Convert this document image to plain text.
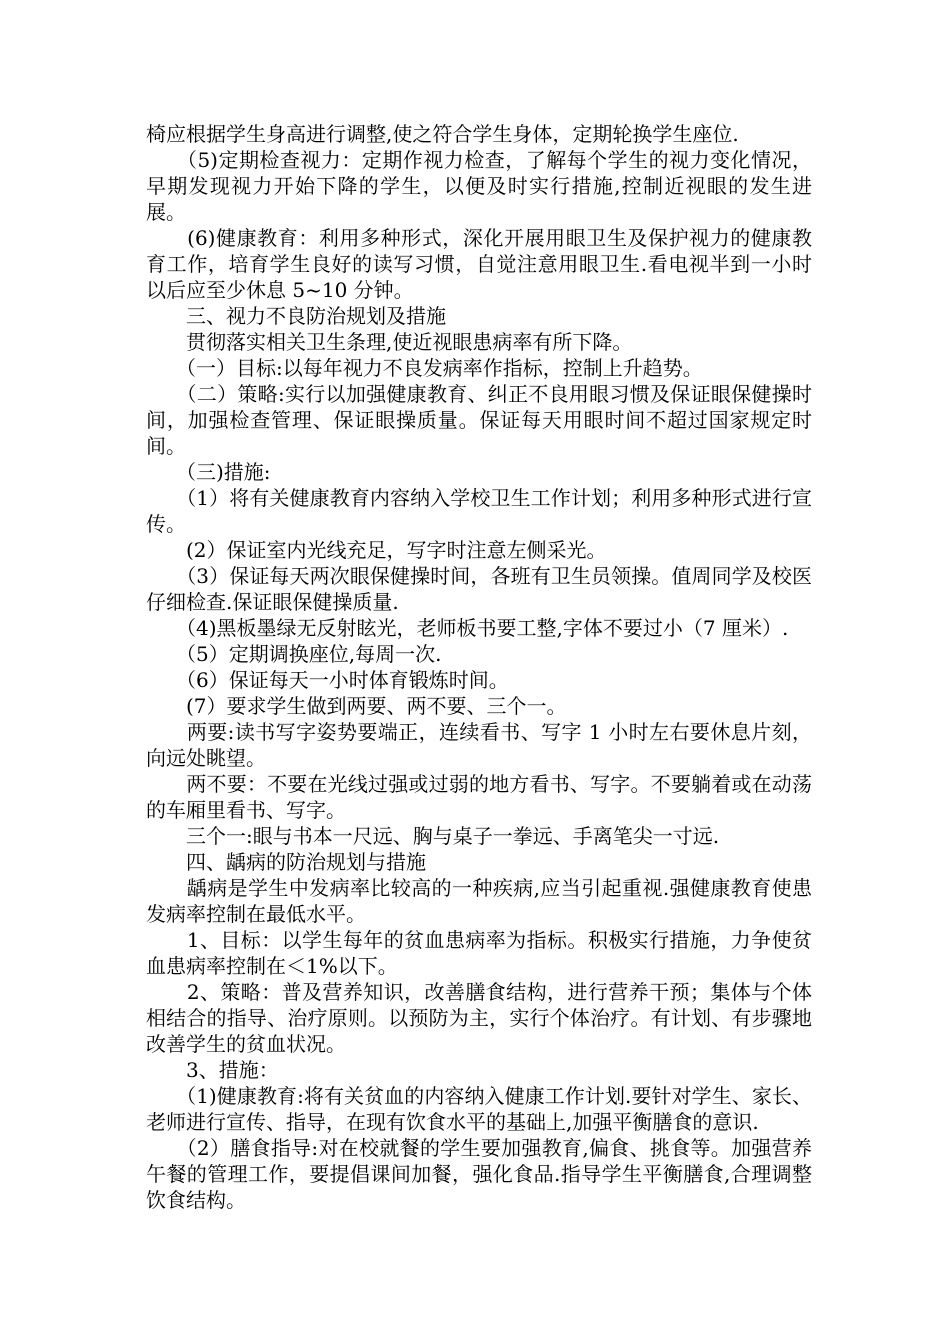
椅应根据学生身高进行调整,使之符合学生身体，定期轮换学生座位.

　　（5)定期检查视力：定期作视力检查，了解每个学生的视力变化情况，早期发现视力开始下降的学生，以便及时实行措施,控制近视眼的发生进展。

　　(6)健康教育：利用多种形式，深化开展用眼卫生及保护视力的健康教育工作，培育学生良好的读写习惯，自觉注意用眼卫生.看电视半到一小时以后应至少休息 5~10 分钟。

　　三、视力不良防治规划及措施

　　贯彻落实相关卫生条理,使近视眼患病率有所下降。

　　（一）目标:以每年视力不良发病率作指标，控制上升趋势。

　　（二）策略:实行以加强健康教育、纠正不良用眼习惯及保证眼保健操时间，加强检查管理、保证眼操质量。保证每天用眼时间不超过国家规定时间。

　　（三)措施:

　　（1）将有关健康教育内容纳入学校卫生工作计划；利用多种形式进行宣传。

　　(2）保证室内光线充足，写字时注意左侧采光。

　　（3）保证每天两次眼保健操时间，各班有卫生员领操。值周同学及校医仔细检查.保证眼保健操质量.

　　（4)黑板墨绿无反射眩光，老师板书要工整,字体不要过小（7 厘米）.

　　（5）定期调换座位,每周一次.

　　（6）保证每天一小时体育锻炼时间。

　　(7）要求学生做到两要、两不要、三个一。

　　两要:读书写字姿势要端正，连续看书、写字 1 小时左右要休息片刻，向远处眺望。

　　两不要：不要在光线过强或过弱的地方看书、写字。不要躺着或在动荡的车厢里看书、写字。

　　三个一:眼与书本一尺远、胸与桌子一拳远、手离笔尖一寸远.

　　四、龋病的防治规划与措施

　　龋病是学生中发病率比较高的一种疾病,应当引起重视.强健康教育使患发病率控制在最低水平。

　　1、目标：以学生每年的贫血患病率为指标。积极实行措施，力争使贫血患病率控制在＜1%以下。

　　2、策略：普及营养知识，改善膳食结构，进行营养干预；集体与个体相结合的指导、治疗原则。以预防为主，实行个体治疗。有计划、有步骤地改善学生的贫血状况。

　　3、措施：

　　（1)健康教育:将有关贫血的内容纳入健康工作计划.要针对学生、家长、老师进行宣传、指导，在现有饮食水平的基础上,加强平衡膳食的意识.

　　（2）膳食指导:对在校就餐的学生要加强教育,偏食、挑食等。加强营养午餐的管理工作，要提倡课间加餐，强化食品.指导学生平衡膳食,合理调整饮食结构。
